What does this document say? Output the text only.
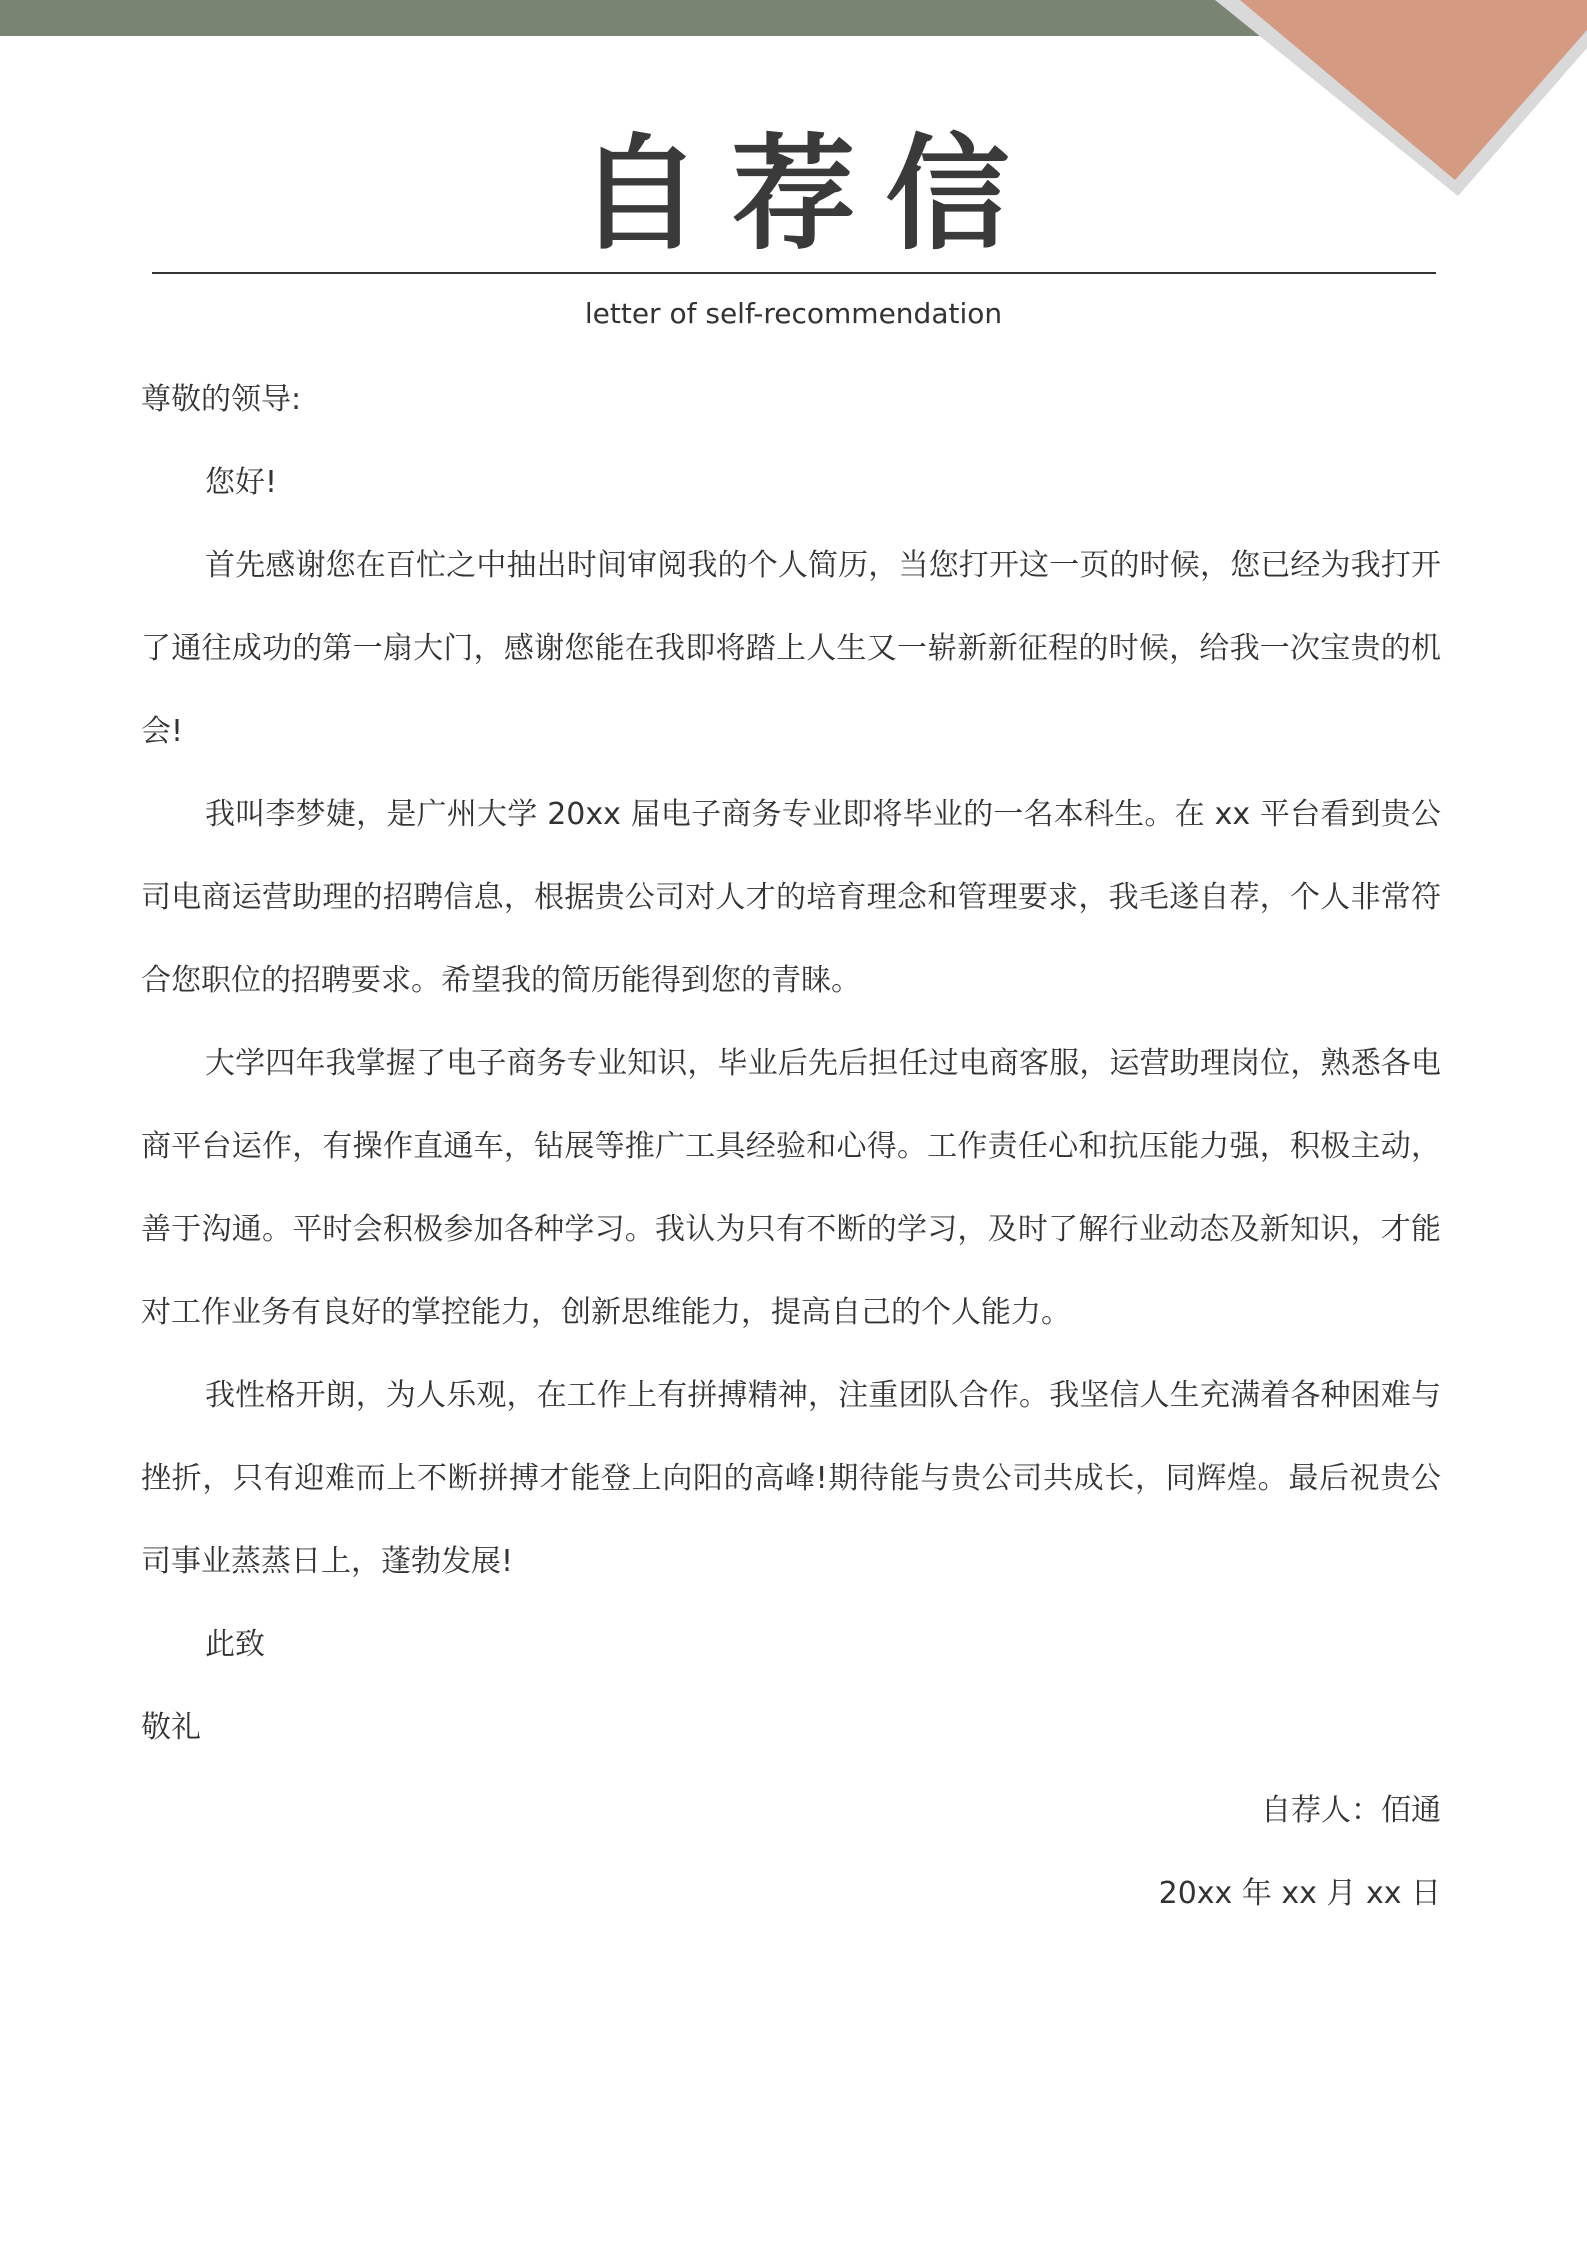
自荐信
letter of self-recommendation

尊敬的领导:

您好!

首先感谢您在百忙之中抽出时间审阅我的个人简历，当您打开这一页的时候，您已经为我打开了通往成功的第一扇大门，感谢您能在我即将踏上人生又一崭新新征程的时候，给我一次宝贵的机会!

我叫李梦婕，是广州大学 20xx 届电子商务专业即将毕业的一名本科生。在 xx 平台看到贵公司电商运营助理的招聘信息，根据贵公司对人才的培育理念和管理要求，我毛遂自荐，个人非常符合您职位的招聘要求。希望我的简历能得到您的青睐。

大学四年我掌握了电子商务专业知识，毕业后先后担任过电商客服，运营助理岗位，熟悉各电商平台运作，有操作直通车，钻展等推广工具经验和心得。工作责任心和抗压能力强，积极主动，善于沟通。平时会积极参加各种学习。我认为只有不断的学习，及时了解行业动态及新知识，才能对工作业务有良好的掌控能力，创新思维能力，提高自己的个人能力。

我性格开朗，为人乐观，在工作上有拼搏精神，注重团队合作。我坚信人生充满着各种困难与挫折，只有迎难而上不断拼搏才能登上向阳的高峰!期待能与贵公司共成长，同辉煌。最后祝贵公司事业蒸蒸日上，蓬勃发展!

此致

敬礼

自荐人：佰通

20xx 年 xx 月 xx 日
